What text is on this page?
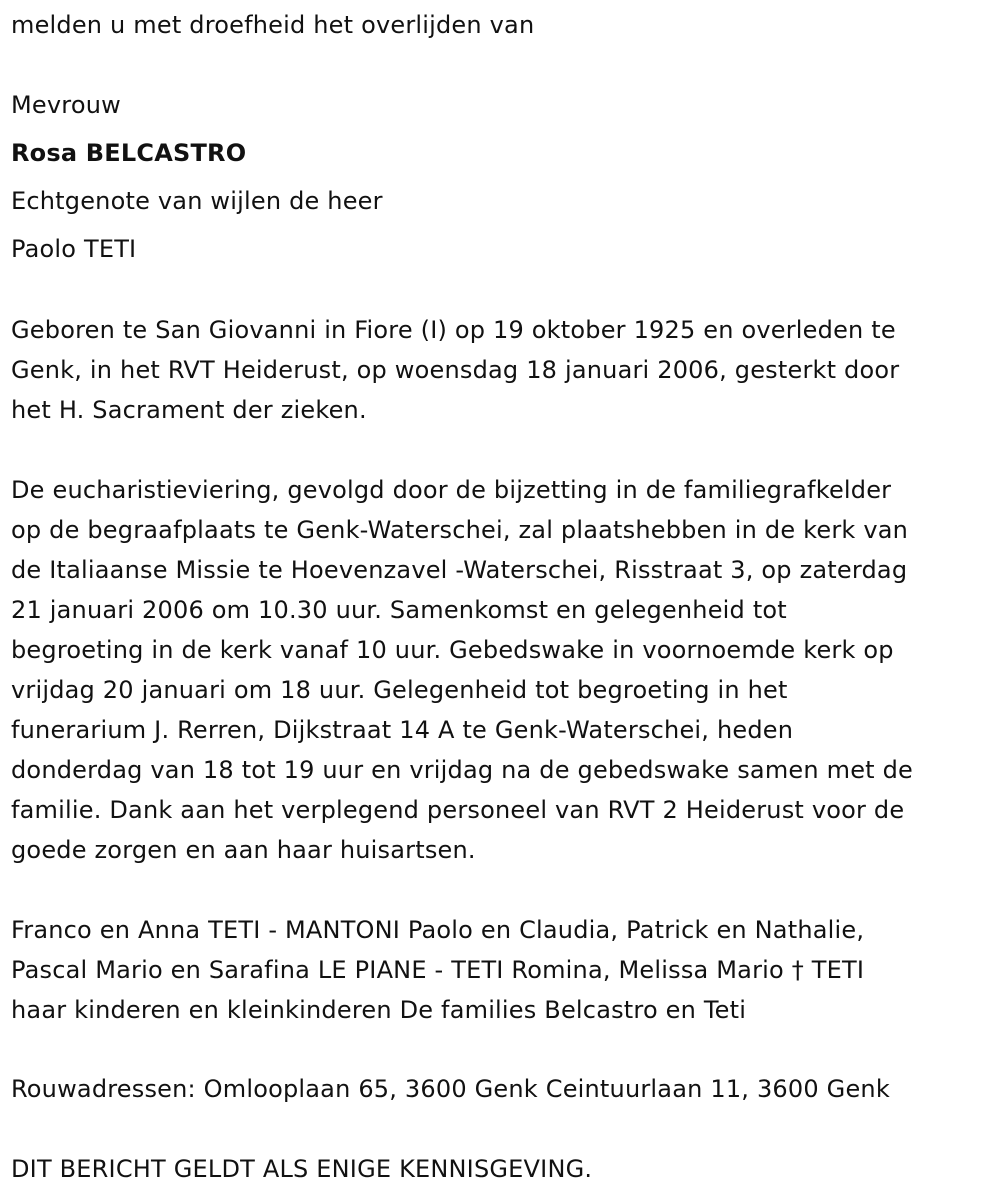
melden u met droefheid het overlijden van
Mevrouw
Rosa BELCASTRO
Echtgenote van wijlen de heer
Paolo TETI
Geboren te San Giovanni in Fiore (I) op 19 oktober 1925 en overleden te
Genk, in het RVT Heiderust, op woensdag 18 januari 2006, gesterkt door
het H. Sacrament der zieken.
De eucharistieviering, gevolgd door de bijzetting in de familiegrafkelder
op de begraafplaats te Genk-Waterschei, zal plaatshebben in de kerk van
de Italiaanse Missie te Hoevenzavel -Waterschei, Risstraat 3, op zaterdag
21 januari 2006 om 10.30 uur. Samenkomst en gelegenheid tot
begroeting in de kerk vanaf 10 uur. Gebedswake in voornoemde kerk op
vrijdag 20 januari om 18 uur. Gelegenheid tot begroeting in het
funerarium J. Rerren, Dijkstraat 14 A te Genk-Waterschei, heden
donderdag van 18 tot 19 uur en vrijdag na de gebedswake samen met de
familie. Dank aan het verplegend personeel van RVT 2 Heiderust voor de
goede zorgen en aan haar huisartsen.
Franco en Anna TETI - MANTONI Paolo en Claudia, Patrick en Nathalie,
Pascal Mario en Sarafina LE PIANE - TETI Romina, Melissa Mario † TETI
haar kinderen en kleinkinderen De families Belcastro en Teti
Rouwadressen: Omlooplaan 65, 3600 Genk Ceintuurlaan 11, 3600 Genk
DIT BERICHT GELDT ALS ENIGE KENNISGEVING.
